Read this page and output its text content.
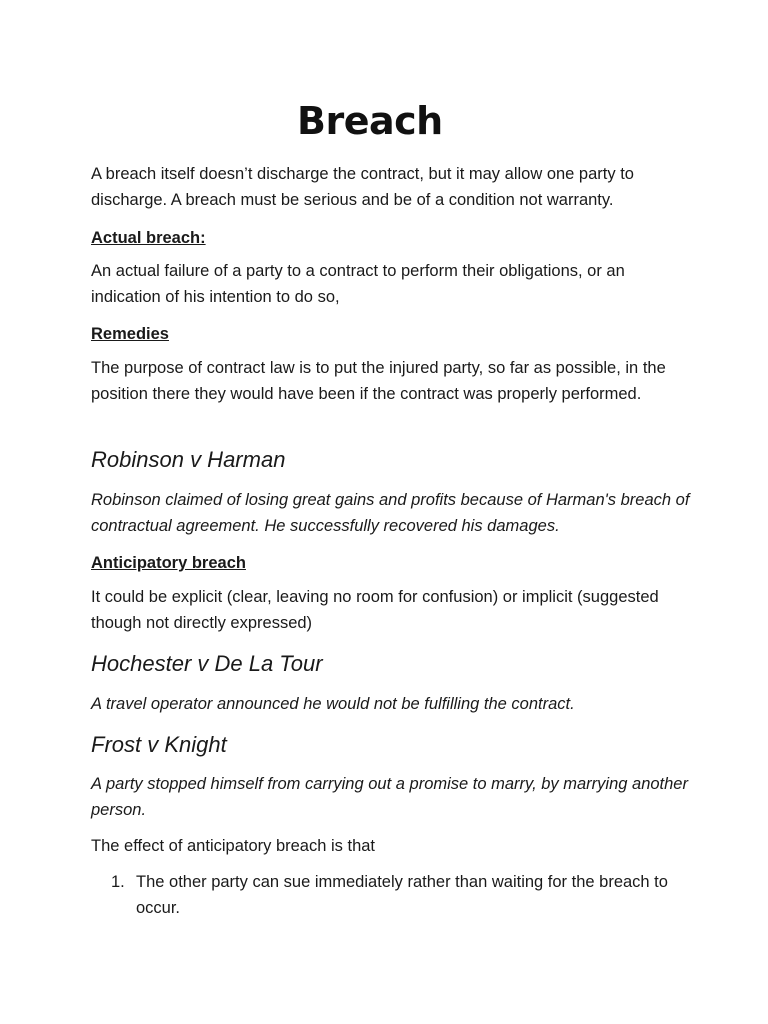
Breach

A breach itself doesn’t discharge the contract, but it may allow one party to discharge. A breach must be serious and be of a condition not warranty.

Actual breach:

An actual failure of a party to a contract to perform their obligations, or an indication of his intention to do so,

Remedies

The purpose of contract law is to put the injured party, so far as possible, in the position there they would have been if the contract was properly performed.

Robinson v Harman

Robinson claimed of losing great gains and profits because of Harman's breach of contractual agreement. He successfully recovered his damages.

Anticipatory breach

It could be explicit (clear, leaving no room for confusion) or implicit (suggested though not directly expressed)

Hochester v De La Tour

A travel operator announced he would not be fulfilling the contract.

Frost v Knight

A party stopped himself from carrying out a promise to marry, by marrying another person.

The effect of anticipatory breach is that

1. The other party can sue immediately rather than waiting for the breach to occur.
